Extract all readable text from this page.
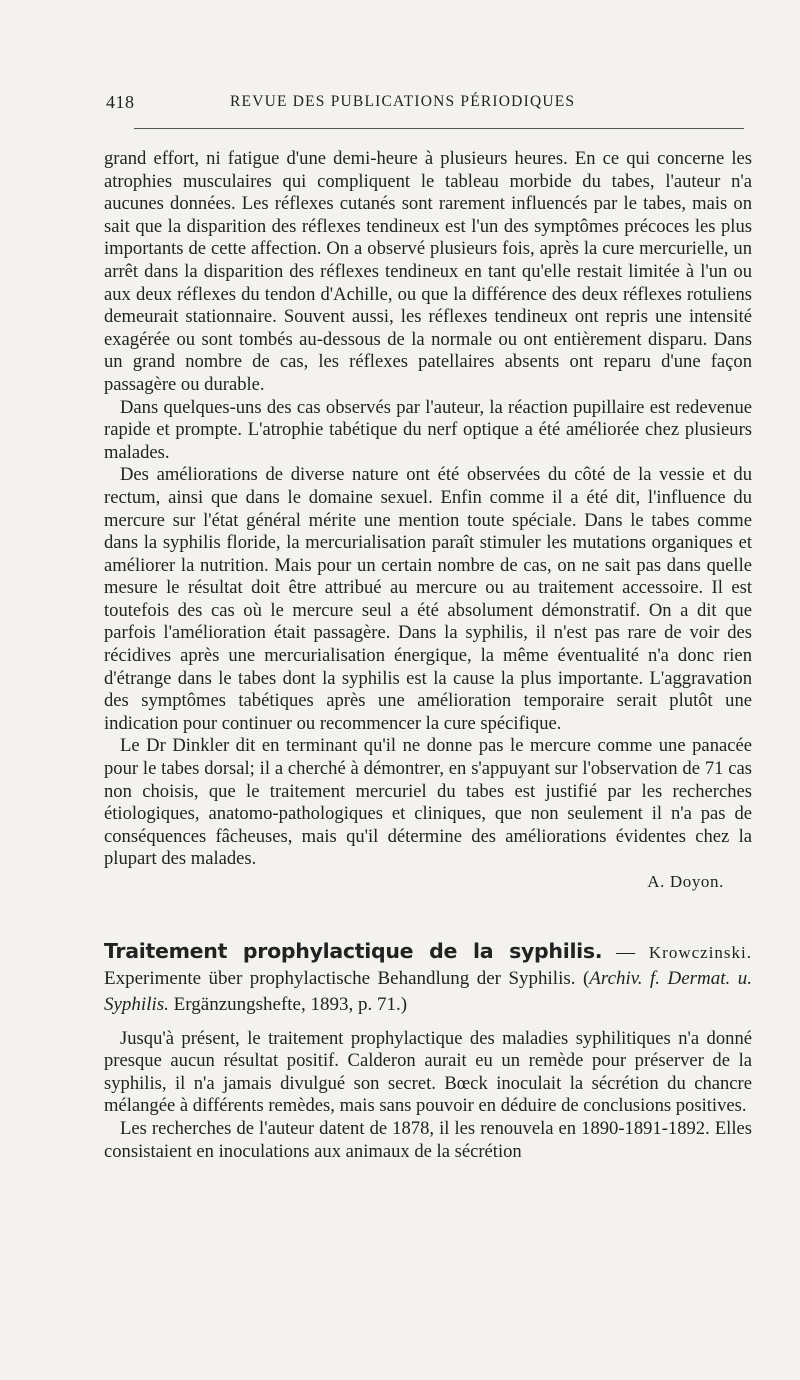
418	REVUE DES PUBLICATIONS PÉRIODIQUES

grand effort, ni fatigue d'une demi-heure à plusieurs heures. En ce qui concerne les atrophies musculaires qui compliquent le tableau morbide du tabes, l'auteur n'a aucunes données. Les réflexes cutanés sont rarement influencés par le tabes, mais on sait que la disparition des réflexes tendineux est l'un des symptômes précoces les plus importants de cette affection. On a observé plusieurs fois, après la cure mercurielle, un arrêt dans la disparition des réflexes tendineux en tant qu'elle restait limitée à l'un ou aux deux réflexes du tendon d'Achille, ou que la différence des deux réflexes rotuliens demeurait stationnaire. Souvent aussi, les réflexes tendineux ont repris une intensité exagérée ou sont tombés au-dessous de la normale ou ont entièrement disparu. Dans un grand nombre de cas, les réflexes patellaires absents ont reparu d'une façon passagère ou durable.

Dans quelques-uns des cas observés par l'auteur, la réaction pupillaire est redevenue rapide et prompte. L'atrophie tabétique du nerf optique a été améliorée chez plusieurs malades.

Des améliorations de diverse nature ont été observées du côté de la vessie et du rectum, ainsi que dans le domaine sexuel. Enfin comme il a été dit, l'influence du mercure sur l'état général mérite une mention toute spéciale. Dans le tabes comme dans la syphilis floride, la mercurialisation paraît stimuler les mutations organiques et améliorer la nutrition. Mais pour un certain nombre de cas, on ne sait pas dans quelle mesure le résultat doit être attribué au mercure ou au traitement accessoire. Il est toutefois des cas où le mercure seul a été absolument démonstratif. On a dit que parfois l'amélioration était passagère. Dans la syphilis, il n'est pas rare de voir des récidives après une mercurialisation énergique, la même éventualité n'a donc rien d'étrange dans le tabes dont la syphilis est la cause la plus importante. L'aggravation des symptômes tabétiques après une amélioration temporaire serait plutôt une indication pour continuer ou recommencer la cure spécifique.

Le Dr Dinkler dit en terminant qu'il ne donne pas le mercure comme une panacée pour le tabes dorsal; il a cherché à démontrer, en s'appuyant sur l'observation de 71 cas non choisis, que le traitement mercuriel du tabes est justifié par les recherches étiologiques, anatomo-pathologiques et cliniques, que non seulement il n'a pas de conséquences fâcheuses, mais qu'il détermine des améliorations évidentes chez la plupart des malades.

A. Doyon.

Traitement prophylactique de la syphilis. — Krowczinski. Experimente über prophylactische Behandlung der Syphilis. (Archiv. f. Dermat. u. Syphilis. Ergänzungshefte, 1893, p. 71.)

Jusqu'à présent, le traitement prophylactique des maladies syphilitiques n'a donné presque aucun résultat positif. Calderon aurait eu un remède pour préserver de la syphilis, il n'a jamais divulgué son secret. Bœck inoculait la sécrétion du chancre mélangée à différents remèdes, mais sans pouvoir en déduire de conclusions positives.

Les recherches de l'auteur datent de 1878, il les renouvela en 1890-1891-1892. Elles consistaient en inoculations aux animaux de la sécrétion
